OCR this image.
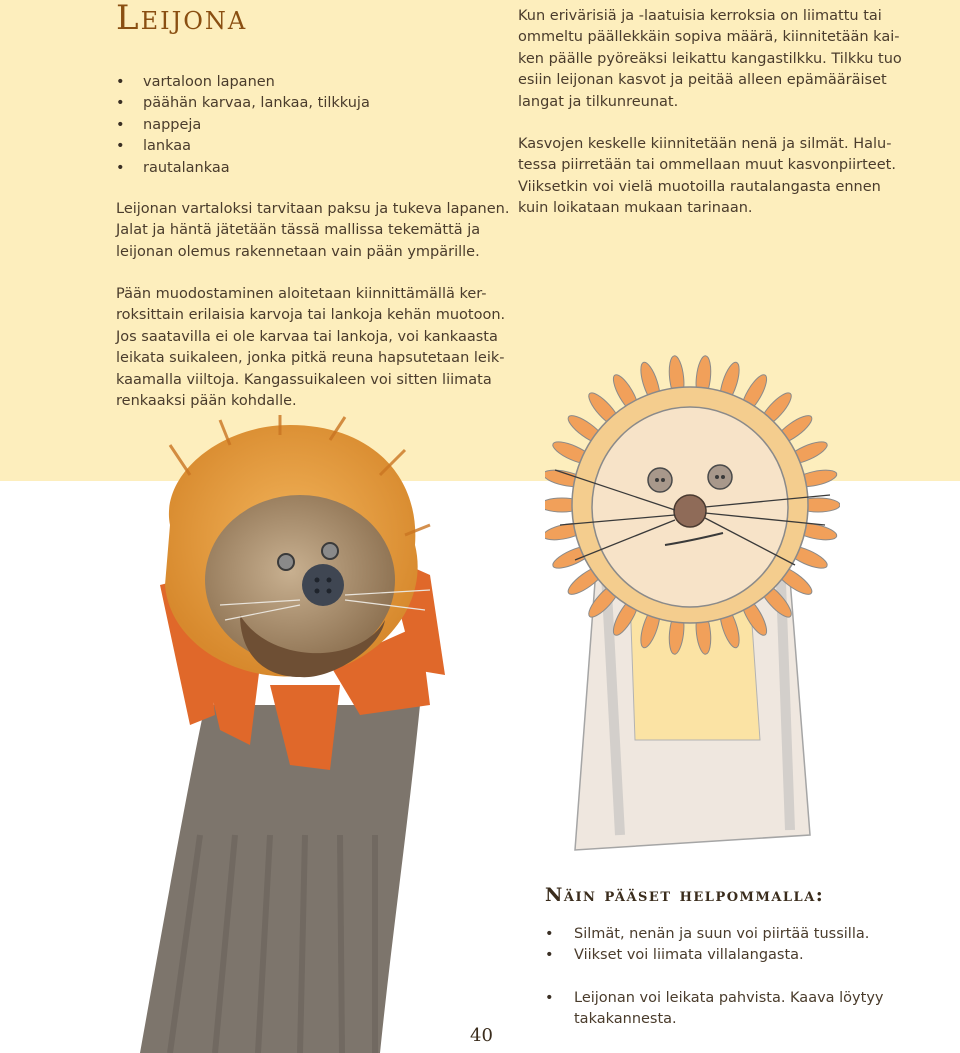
Leijona
• vartaloon lapanen
• päähän karvaa, lankaa, tilkkuja
• nappeja
• lankaa
• rautalankaa

Leijonan vartaloksi tarvitaan paksu ja tukeva lapanen.
Jalat ja häntä jätetään tässä mallissa tekemättä ja
leijonan olemus rakennetaan vain pään ympärille.

Pään muodostaminen aloitetaan kiinnittämällä ker-
roksittain erilaisia karvoja tai lankoja kehän muotoon.
Jos saatavilla ei ole karvaa tai lankoja, voi kankaasta
leikata suikaleen, jonka pitkä reuna hapsutetaan leik-
kaamalla viiltoja. Kangassuikaleen voi sitten liimata
renkaaksi pään kohdalle.

Kun erivärisiä ja -laatuisia kerroksia on liimattu tai
ommeltu päällekkäin sopiva määrä, kiinnitetään kai-
ken päälle pyöreäksi leikattu kangastilkku. Tilkku tuo
esiin leijonan kasvot ja peitää alleen epämääräiset
langat ja tilkunreunat.

Kasvojen keskelle kiinnitetään nenä ja silmät. Halu-
tessa piirretään tai ommellaan muut kasvonpiirteet.
Viiksetkin voi vielä muotoilla rautalangasta ennen
kuin loikataan mukaan tarinaan.

Näin pääset helpommalla:
• Silmät, nenän ja suun voi piirtää tussilla.
• Viikset voi liimata villalangasta.
• Leijonan voi leikata pahvista. Kaava löytyy
takakannesta.
40
